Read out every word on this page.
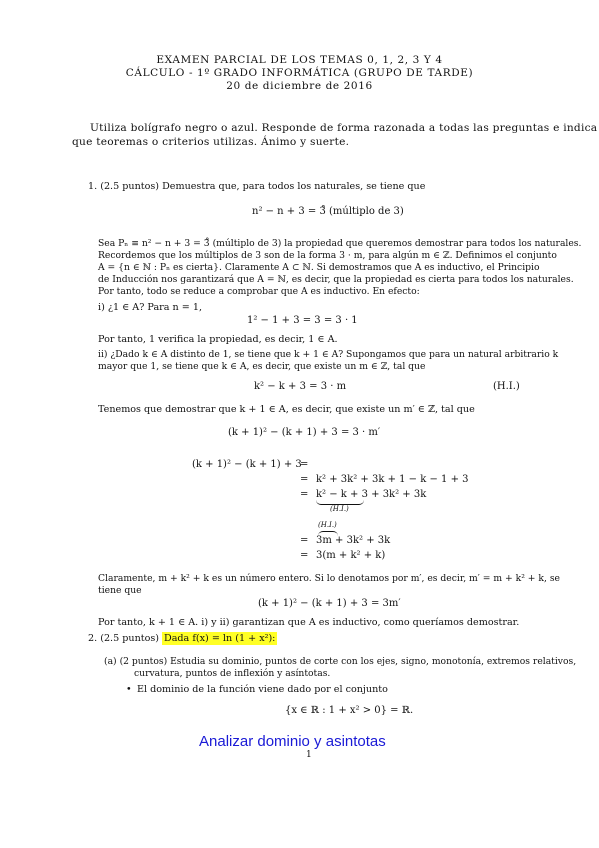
EXAMEN PARCIAL DE LOS TEMAS 0, 1, 2, 3 Y 4
CÁLCULO - 1º GRADO INFORMÁTICA (GRUPO DE TARDE)
20 de diciembre de 2016
Utiliza bolígrafo negro o azul. Responde de forma razonada a todas las preguntas e indica
que teoremas o criterios utilizas. Ánimo y suerte.
1. (2.5 puntos) Demuestra que, para todos los naturales, se tiene que
n² − n + 3 = 3̊ (múltiplo de 3)
Sea Pₙ ≡ n² − n + 3 = 3̊ (múltiplo de 3) la propiedad que queremos demostrar para todos los naturales.
Recordemos que los múltiplos de 3 son de la forma 3 · m, para algún m ∈ ℤ. Definimos el conjunto
A = {n ∈ ℕ : Pₙ es cierta}. Claramente A ⊂ ℕ. Si demostramos que A es inductivo, el Principio
de Inducción nos garantizará que A = ℕ, es decir, que la propiedad es cierta para todos los naturales.
Por tanto, todo se reduce a comprobar que A es inductivo. En efecto:
i) ¿1 ∈ A? Para n = 1,
1² − 1 + 3 = 3 = 3 · 1
Por tanto, 1 verifica la propiedad, es decir, 1 ∈ A.
ii) ¿Dado k ∈ A distinto de 1, se tiene que k + 1 ∈ A? Supongamos que para un natural arbitrario k
mayor que 1, se tiene que k ∈ A, es decir, que existe un m ∈ ℤ, tal que
k² − k + 3 = 3 · m	(H.I.)
Tenemos que demostrar que k + 1 ∈ A, es decir, que existe un m′ ∈ ℤ, tal que
(k + 1)² − (k + 1) + 3 = 3 · m′
(k + 1)² − (k + 1) + 3
=
= k² + 3k² + 3k + 1 − k − 1 + 3
= k² − k + 3 + 3k² + 3k
(H.I.)
(H.I.)
= 3m + 3k² + 3k
= 3(m + k² + k)
Claramente, m + k² + k es un número entero. Si lo denotamos por m′, es decir, m′ = m + k² + k, se
tiene que
(k + 1)² − (k + 1) + 3 = 3m′
Por tanto, k + 1 ∈ A. i) y ii) garantizan que A es inductivo, como queríamos demostrar.
2. (2.5 puntos) Dada f(x) = ln (1 + x²):
(a) (2 puntos) Estudia su dominio, puntos de corte con los ejes, signo, monotonía, extremos relativos,
curvatura, puntos de inflexión y asíntotas.
• El dominio de la función viene dado por el conjunto
{x ∈ ℝ : 1 + x² > 0} = ℝ.
Analizar dominio y asintotas
1
